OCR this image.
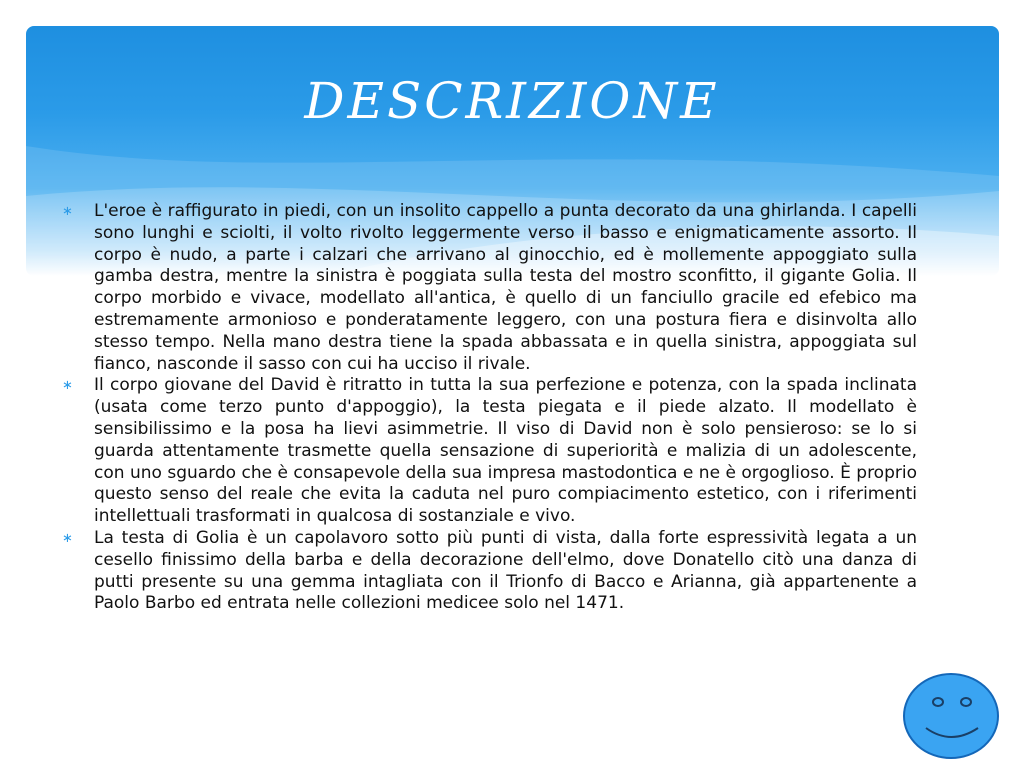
DESCRIZIONE

∗ L'eroe è raffigurato in piedi, con un insolito cappello a punta decorato da una ghirlanda. I capelli sono lunghi e sciolti, il volto rivolto leggermente verso il basso e enigmaticamente assorto. Il corpo è nudo, a parte i calzari che arrivano al ginocchio, ed è mollemente appoggiato sulla gamba destra, mentre la sinistra è poggiata sulla testa del mostro sconfitto, il gigante Golia. Il corpo morbido e vivace, modellato all'antica, è quello di un fanciullo gracile ed efebico ma estremamente armonioso e ponderatamente leggero, con una postura fiera e disinvolta allo stesso tempo. Nella mano destra tiene la spada abbassata e in quella sinistra, appoggiata sul fianco, nasconde il sasso con cui ha ucciso il rivale.

∗ Il corpo giovane del David è ritratto in tutta la sua perfezione e potenza, con la spada inclinata (usata come terzo punto d'appoggio), la testa piegata e il piede alzato. Il modellato è sensibilissimo e la posa ha lievi asimmetrie. Il viso di David non è solo pensieroso: se lo si guarda attentamente trasmette quella sensazione di superiorità e malizia di un adolescente, con uno sguardo che è consapevole della sua impresa mastodontica e ne è orgoglioso. È proprio questo senso del reale che evita la caduta nel puro compiacimento estetico, con i riferimenti intellettuali trasformati in qualcosa di sostanziale e vivo.

∗ La testa di Golia è un capolavoro sotto più punti di vista, dalla forte espressività legata a un cesello finissimo della barba e della decorazione dell'elmo, dove Donatello citò una danza di putti presente su una gemma intagliata con il Trionfo di Bacco e Arianna, già appartenente a Paolo Barbo ed entrata nelle collezioni medicee solo nel 1471.
